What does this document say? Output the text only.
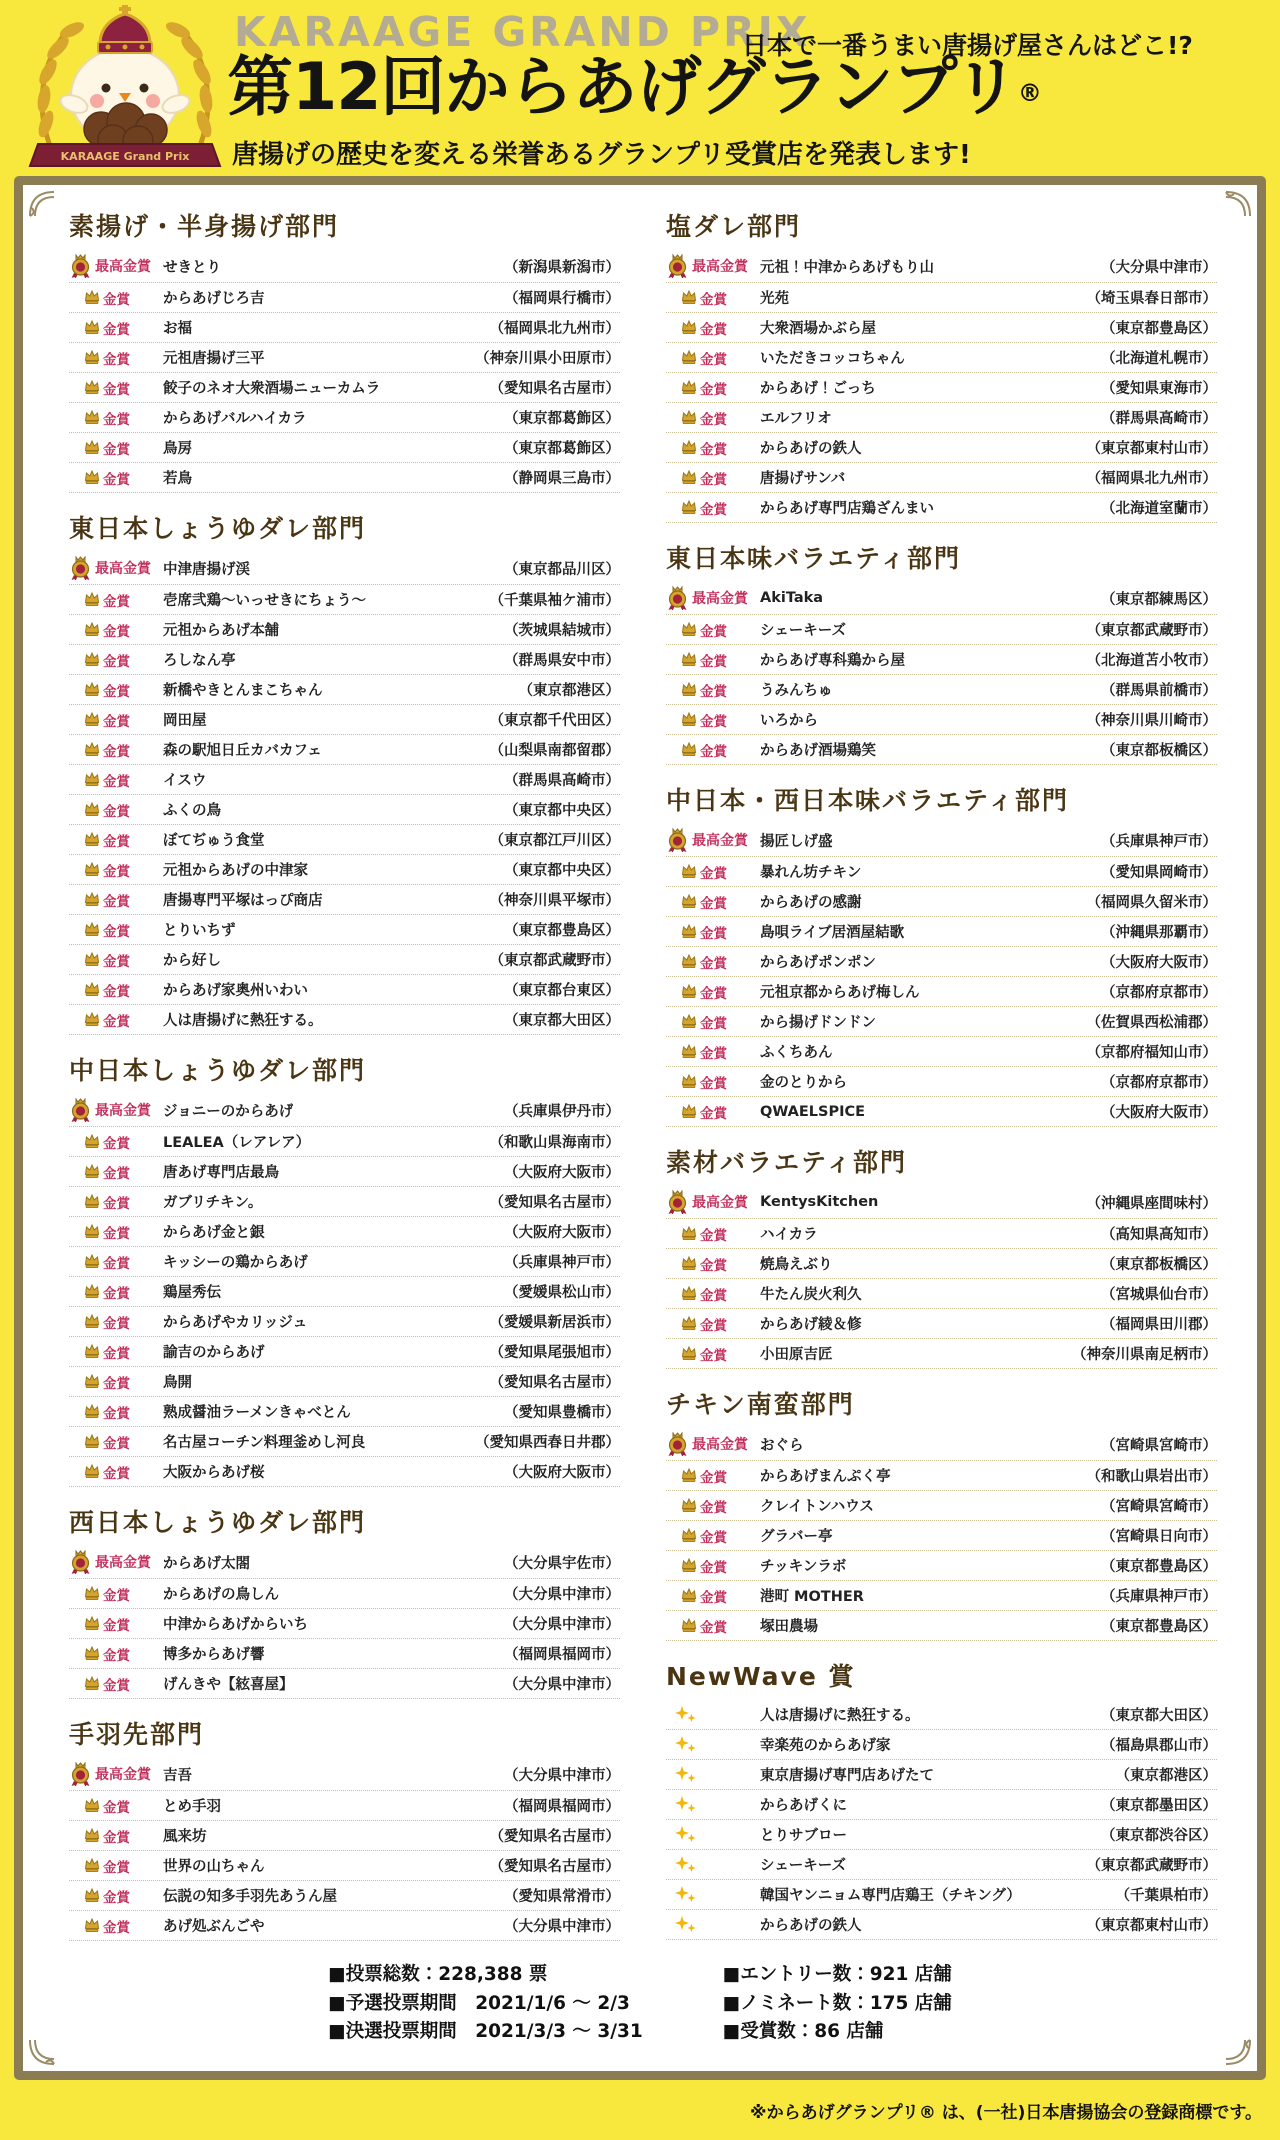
KARAAGE Grand Prix
KARAAGE GRAND PRIX
日本で一番うまい唐揚げ屋さんはどこ!?
第12回からあげグランプリ®
唐揚げの歴史を変える栄誉あるグランプリ受賞店を発表します!
素揚げ・半身揚げ部門
最高金賞 せきとり	（新潟県新潟市）
金賞 からあげじろ吉	（福岡県行橋市）
金賞 お福	（福岡県北九州市）
金賞 元祖唐揚げ三平	（神奈川県小田原市）
金賞 餃子のネオ大衆酒場ニューカムラ	（愛知県名古屋市）
金賞 からあげバルハイカラ	（東京都葛飾区）
金賞 鳥房	（東京都葛飾区）
金賞 若鳥	（静岡県三島市）
東日本しょうゆダレ部門
最高金賞 中津唐揚げ渓	（東京都品川区）
金賞 壱席弐鶏～いっせきにちょう～	（千葉県袖ケ浦市）
金賞 元祖からあげ本舗	（茨城県結城市）
金賞 ろしなん亭	（群馬県安中市）
金賞 新橋やきとんまこちゃん	（東京都港区）
金賞 岡田屋	（東京都千代田区）
金賞 森の駅旭日丘カバカフェ	（山梨県南都留郡）
金賞 イスウ	（群馬県高崎市）
金賞 ふくの鳥	（東京都中央区）
金賞 ぼてぢゅう食堂	（東京都江戸川区）
金賞 元祖からあげの中津家	（東京都中央区）
金賞 唐揚専門平塚はっぴ商店	（神奈川県平塚市）
金賞 とりいちず	（東京都豊島区）
金賞 から好し	（東京都武蔵野市）
金賞 からあげ家奥州いわい	（東京都台東区）
金賞 人は唐揚げに熱狂する。	（東京都大田区）
中日本しょうゆダレ部門
最高金賞 ジョニーのからあげ	（兵庫県伊丹市）
金賞 LEALEA（レアレア）	（和歌山県海南市）
金賞 唐あげ専門店最鳥	（大阪府大阪市）
金賞 ガブリチキン。	（愛知県名古屋市）
金賞 からあげ金と銀	（大阪府大阪市）
金賞 キッシーの鶏からあげ	（兵庫県神戸市）
金賞 鶏屋秀伝	（愛媛県松山市）
金賞 からあげやカリッジュ	（愛媛県新居浜市）
金賞 諭吉のからあげ	（愛知県尾張旭市）
金賞 鳥開	（愛知県名古屋市）
金賞 熟成醤油ラーメンきゃべとん	（愛知県豊橋市）
金賞 名古屋コーチン料理釜めし河良	（愛知県西春日井郡）
金賞 大阪からあげ桜	（大阪府大阪市）
西日本しょうゆダレ部門
最高金賞 からあげ太閤	（大分県宇佐市）
金賞 からあげの鳥しん	（大分県中津市）
金賞 中津からあげからいち	（大分県中津市）
金賞 博多からあげ響	（福岡県福岡市）
金賞 げんきや【絃喜屋】	（大分県中津市）
手羽先部門
最高金賞 吉吾	（大分県中津市）
金賞 とめ手羽	（福岡県福岡市）
金賞 風来坊	（愛知県名古屋市）
金賞 世界の山ちゃん	（愛知県名古屋市）
金賞 伝説の知多手羽先あうん屋	（愛知県常滑市）
金賞 あげ処ぶんごや	（大分県中津市）
塩ダレ部門
最高金賞 元祖！中津からあげもり山	（大分県中津市）
金賞 光苑	（埼玉県春日部市）
金賞 大衆酒場かぶら屋	（東京都豊島区）
金賞 いただきコッコちゃん	（北海道札幌市）
金賞 からあげ！ごっち	（愛知県東海市）
金賞 エルフリオ	（群馬県高崎市）
金賞 からあげの鉄人	（東京都東村山市）
金賞 唐揚げサンバ	（福岡県北九州市）
金賞 からあげ専門店鶏ざんまい	（北海道室蘭市）
東日本味バラエティ部門
最高金賞 AkiTaka	（東京都練馬区）
金賞 シェーキーズ	（東京都武蔵野市）
金賞 からあげ専科鶏から屋	（北海道苫小牧市）
金賞 うみんちゅ	（群馬県前橋市）
金賞 いろから	（神奈川県川崎市）
金賞 からあげ酒場鶏笑	（東京都板橋区）
中日本・西日本味バラエティ部門
最高金賞 揚匠しげ盛	（兵庫県神戸市）
金賞 暴れん坊チキン	（愛知県岡崎市）
金賞 からあげの感謝	（福岡県久留米市）
金賞 島唄ライブ居酒屋結歌	（沖縄県那覇市）
金賞 からあげポンポン	（大阪府大阪市）
金賞 元祖京都からあげ梅しん	（京都府京都市）
金賞 から揚げドンドン	（佐賀県西松浦郡）
金賞 ふくちあん	（京都府福知山市）
金賞 金のとりから	（京都府京都市）
金賞 QWAELSPICE	（大阪府大阪市）
素材バラエティ部門
最高金賞 KentysKitchen	（沖縄県座間味村）
金賞 ハイカラ	（高知県高知市）
金賞 焼鳥えぶり	（東京都板橋区）
金賞 牛たん炭火利久	（宮城県仙台市）
金賞 からあげ綾＆修	（福岡県田川郡）
金賞 小田原吉匠	（神奈川県南足柄市）
チキン南蛮部門
最高金賞 おぐら	（宮崎県宮崎市）
金賞 からあげまんぷく亭	（和歌山県岩出市）
金賞 クレイトンハウス	（宮崎県宮崎市）
金賞 グラバー亭	（宮崎県日向市）
金賞 チッキンラボ	（東京都豊島区）
金賞 港町 MOTHER	（兵庫県神戸市）
金賞 塚田農場	（東京都豊島区）
NewWave 賞
人は唐揚げに熱狂する。	（東京都大田区）
幸楽苑のからあげ家	（福島県郡山市）
東京唐揚げ専門店あげたて	（東京都港区）
からあげくに	（東京都墨田区）
とりサブロー	（東京都渋谷区）
シェーキーズ	（東京都武蔵野市）
韓国ヤンニョム専門店鶏王（チキング）	（千葉県柏市）
からあげの鉄人	（東京都東村山市）
■投票総数：228,388 票
■予選投票期間　2021/1/6 ～ 2/3
■決選投票期間　2021/3/3 ～ 3/31
■エントリー数：921 店舗
■ノミネート数：175 店舗
■受賞数：86 店舗
※からあげグランプリ® は、(一社)日本唐揚協会の登録商標です。
